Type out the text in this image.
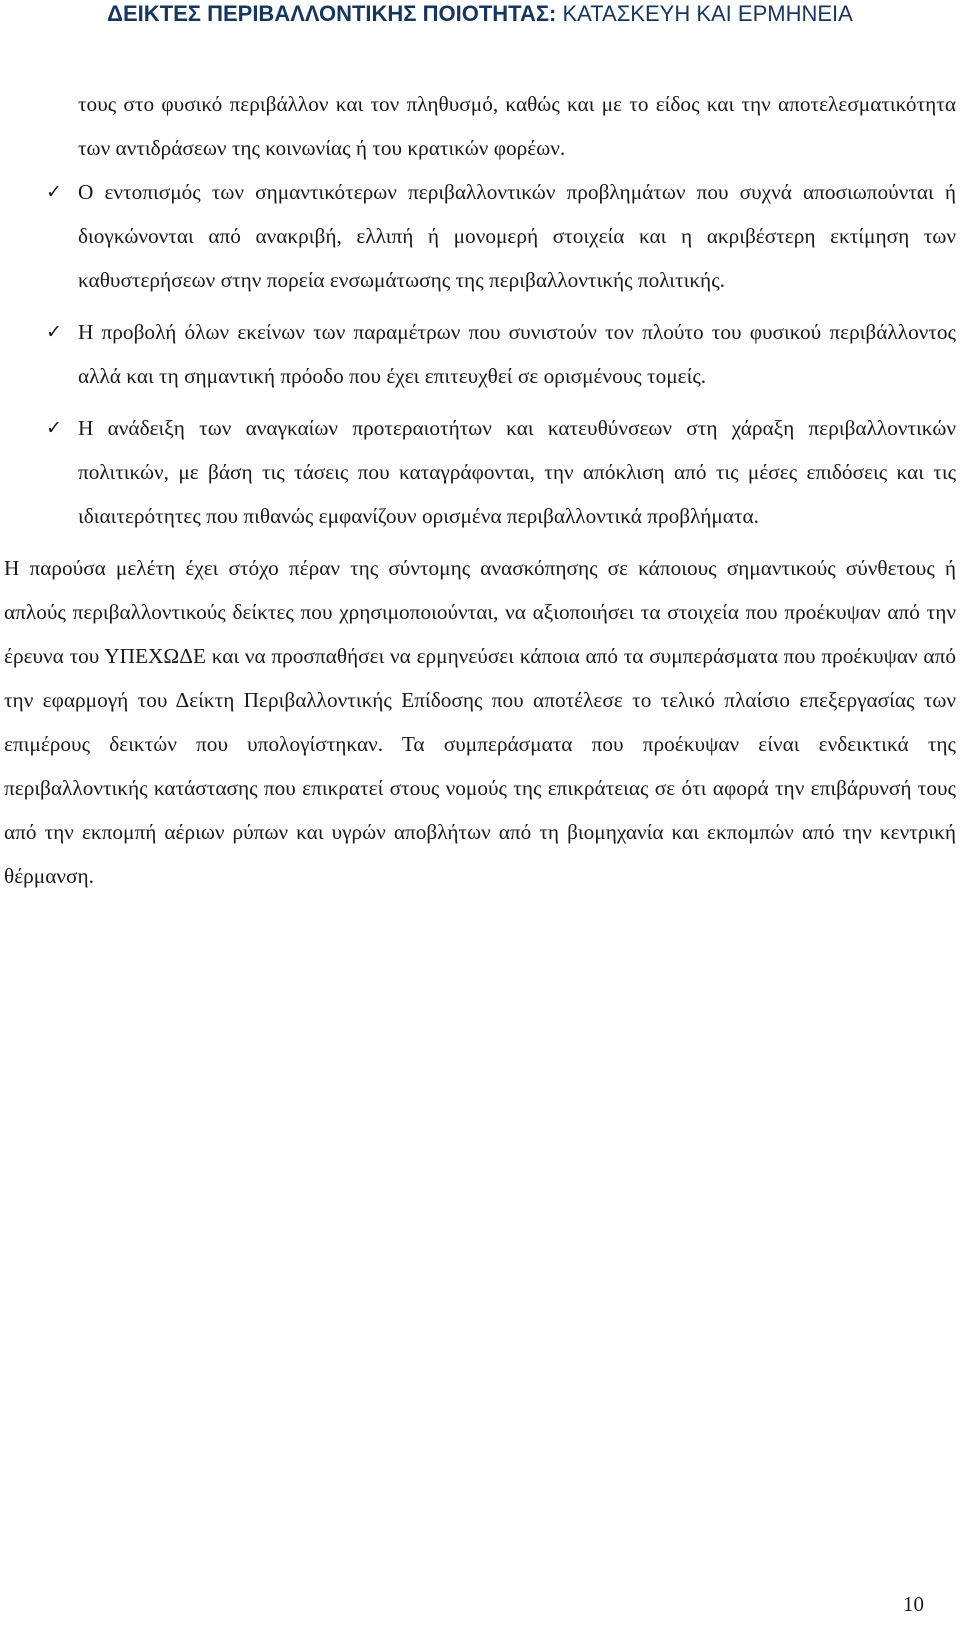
ΔΕΙΚΤΕΣ ΠΕΡΙΒΑΛΛΟΝΤΙΚΗΣ ΠΟΙΟΤΗΤΑΣ: ΚΑΤΑΣΚΕΥΗ ΚΑΙ ΕΡΜΗΝΕΙΑ
τους στο φυσικό περιβάλλον και τον πληθυσμό, καθώς και με το είδος και την αποτελεσματικότητα των αντιδράσεων της κοινωνίας ή του κρατικών φορέων.
✓ Ο εντοπισμός των σημαντικότερων περιβαλλοντικών προβλημάτων που συχνά αποσιωπούνται ή διογκώνονται από ανακριβή, ελλιπή ή μονομερή στοιχεία και η ακριβέστερη εκτίμηση των καθυστερήσεων στην πορεία ενσωμάτωσης της περιβαλλοντικής πολιτικής.
✓ Η προβολή όλων εκείνων των παραμέτρων που συνιστούν τον πλούτο του φυσικού περιβάλλοντος αλλά και τη σημαντική πρόοδο που έχει επιτευχθεί σε ορισμένους τομείς.
✓ Η ανάδειξη των αναγκαίων προτεραιοτήτων και κατευθύνσεων στη χάραξη περιβαλλοντικών πολιτικών, με βάση τις τάσεις που καταγράφονται, την απόκλιση από τις μέσες επιδόσεις και τις ιδιαιτερότητες που πιθανώς εμφανίζουν ορισμένα περιβαλλοντικά προβλήματα.

Η παρούσα μελέτη έχει στόχο πέραν της σύντομης ανασκόπησης σε κάποιους σημαντικούς σύνθετους ή απλούς περιβαλλοντικούς δείκτες που χρησιμοποιούνται, να αξιοποιήσει τα στοιχεία που προέκυψαν από την έρευνα του ΥΠΕΧΩΔΕ και να προσπαθήσει να ερμηνεύσει κάποια από τα συμπεράσματα που προέκυψαν από την εφαρμογή του Δείκτη Περιβαλλοντικής Επίδοσης που αποτέλεσε το τελικό πλαίσιο επεξεργασίας των επιμέρους δεικτών που υπολογίστηκαν. Τα συμπεράσματα που προέκυψαν είναι ενδεικτικά της περιβαλλοντικής κατάστασης που επικρατεί στους νομούς της επικράτειας σε ότι αφορά την επιβάρυνσή τους από την εκπομπή αέριων ρύπων και υγρών αποβλήτων από τη βιομηχανία και εκπομπών από την κεντρική θέρμανση.

10
